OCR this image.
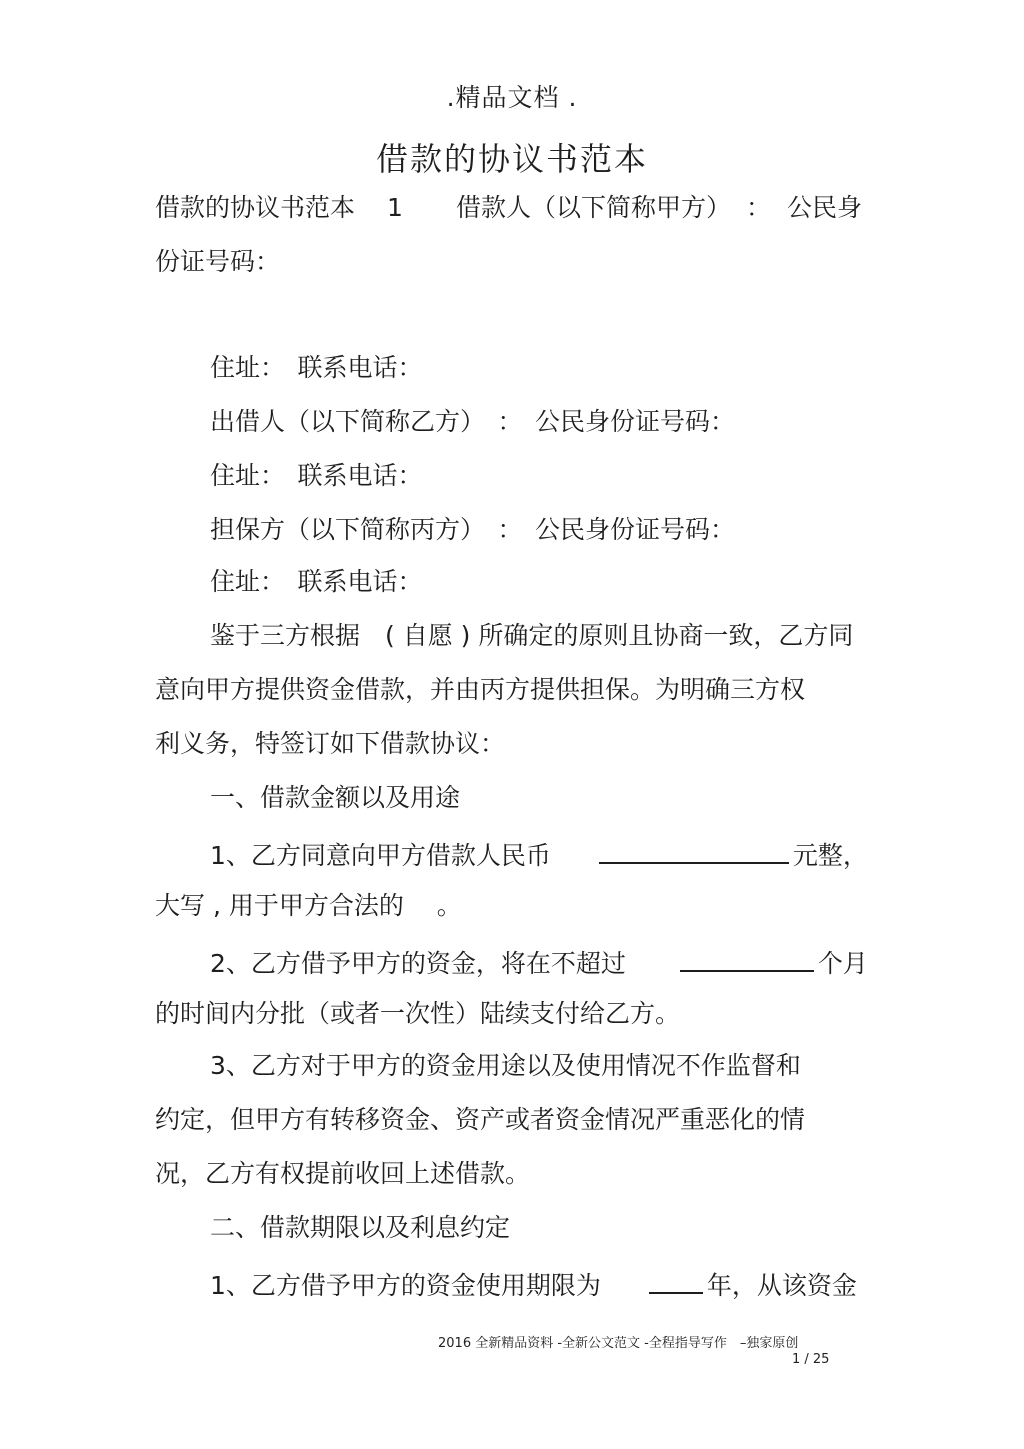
.精品文档 .
借款的协议书范本
借款的协议书范本 1 借款人（以下简称甲方） ： 公民身
份证号码：
住址：　联系电话：
出借人（以下简称乙方）　：　公民身份证号码：
住址：　联系电话：
担保方（以下简称丙方）　：　公民身份证号码：
住址：　联系电话：
鉴于三方根据　( 自愿 ) 所确定的原则且协商一致，乙方同
意向甲方提供资金借款，并由丙方提供担保。为明确三方权
利义务，特签订如下借款协议：
一、借款金额以及用途
1、乙方同意向甲方借款人民币	元整，
大写 , 用于甲方合法的　 。
2、乙方借予甲方的资金，将在不超过	个月
的时间内分批（或者一次性）陆续支付给乙方。
3、乙方对于甲方的资金用途以及使用情况不作监督和
约定，但甲方有转移资金、资产或者资金情况严重恶化的情
况，乙方有权提前收回上述借款。
二、借款期限以及利息约定
1、乙方借予甲方的资金使用期限为	年，从该资金
2016 全新精品资料 -全新公文范文 -全程指导写作　–独家原创
1 / 25
